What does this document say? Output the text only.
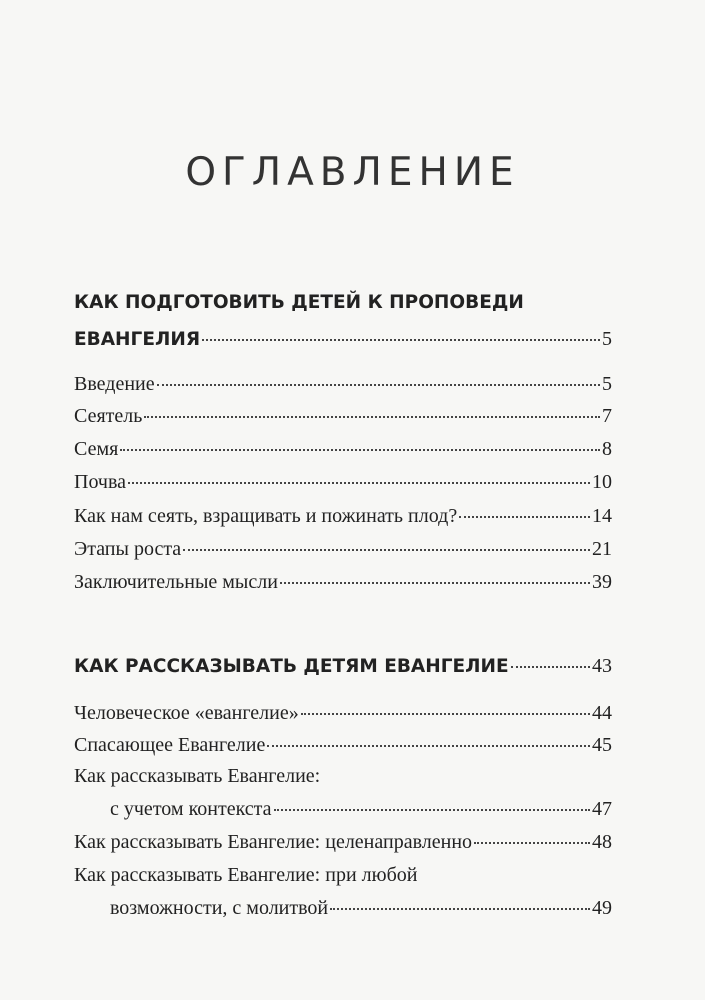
ОГЛАВЛЕНИЕ
КАК ПОДГОТОВИТЬ ДЕТЕЙ К ПРОПОВЕДИ
ЕВАНГЕЛИЯ	5
Введение	5
Сеятель	7
Семя	8
Почва	10
Как нам сеять, взращивать и пожинать плод?	14
Этапы роста	21
Заключительные мысли	39
КАК РАССКАЗЫВАТЬ ДЕТЯМ ЕВАНГЕЛИЕ	43
Человеческое «евангелие»	44
Спасающее Евангелие	45
Как рассказывать Евангелие:
с учетом контекста	47
Как рассказывать Евангелие: целенаправленно	48
Как рассказывать Евангелие: при любой
возможности, с молитвой	49
